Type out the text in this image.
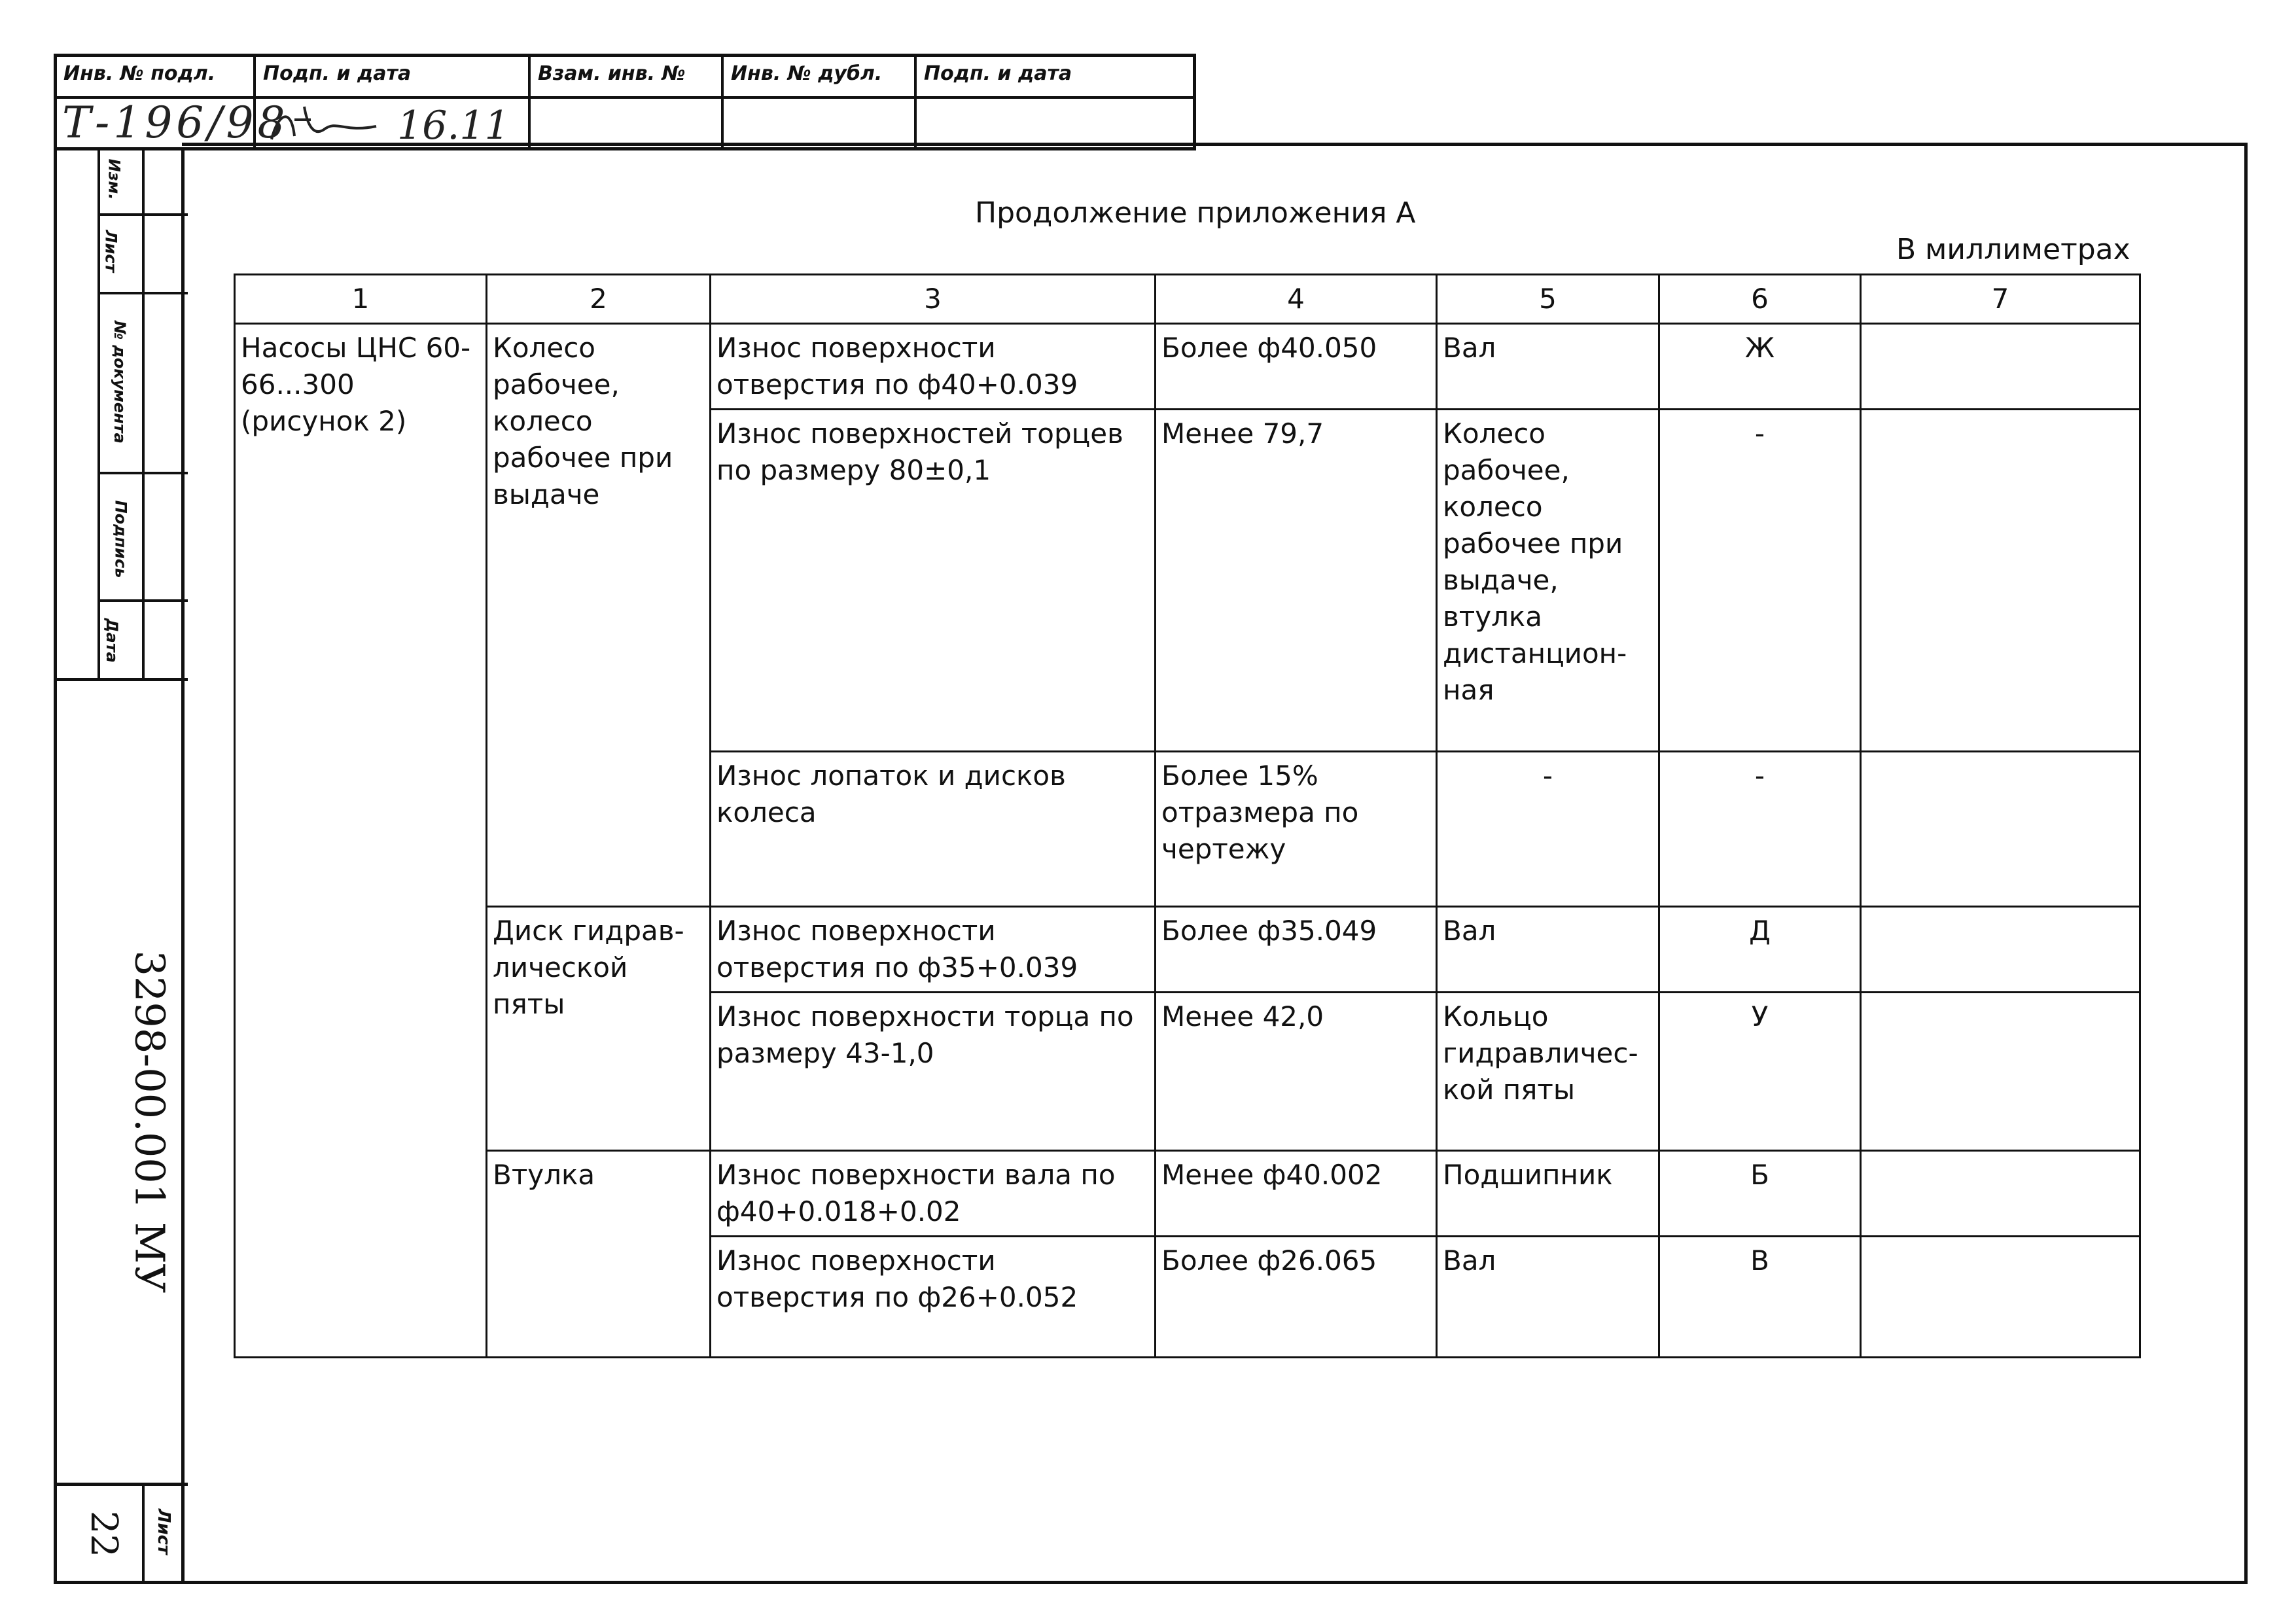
Инв. № подл.	Подп. и дата	Взам. инв. №	Инв. № дубл.	Подп. и дата
Т-196/98	16.11
Изм.
Лист
№ документа
Подпись
Дата
3298-00.001 МУ
Лист
22
Продолжение приложения А
В миллиметрах
1	2	3	4	5	6	7
Насосы ЦНС 60-66...300 (рисунок 2)	Колесо рабочее, колесо рабочее при выдаче	Износ поверхности отверстия по ф40+0.039	Более ф40.050	Вал	Ж	
		Износ поверхностей торцев по размеру 80±0,1	Менее 79,7	Колесо рабочее, колесо рабочее при выдаче, втулка дистанцион-ная	-	
		Износ лопаток и дисков колеса	Более 15% отразмера по чертежу	-	-	
	Диск гидрав-лической пяты	Износ поверхности отверстия по ф35+0.039	Более ф35.049	Вал	Д	
		Износ поверхности торца по размеру 43-1,0	Менее 42,0	Кольцо гидравличес-кой пяты	У	
	Втулка	Износ поверхности вала по ф40+0.018+0.02	Менее ф40.002	Подшипник	Б	
		Износ поверхности отверстия по ф26+0.052	Более ф26.065	Вал	В	
